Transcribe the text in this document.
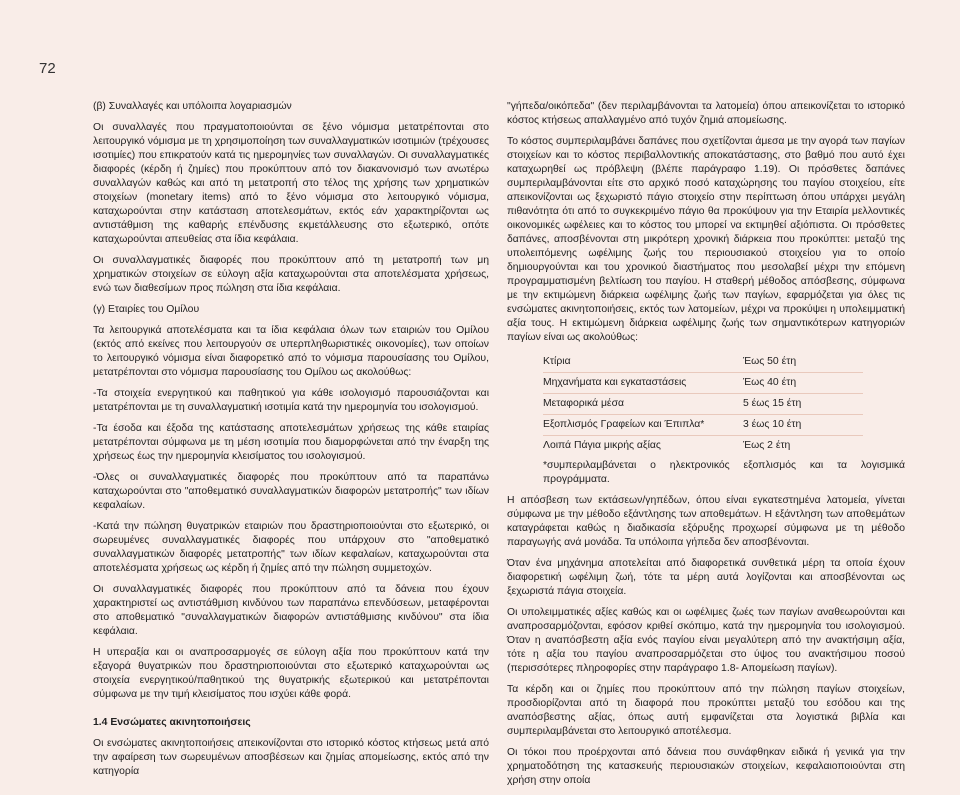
72

(β) Συναλλαγές και υπόλοιπα λογαριασμών

Οι συναλλαγές που πραγματοποιούνται σε ξένο νόμισμα μετατρέπονται στο λειτουργικό νόμισμα με τη χρησιμοποίηση των συναλλαγματικών ισοτιμιών (τρέχουσες ισοτιμίες) που επικρατούν κατά τις ημερομηνίες των συναλλαγών. Οι συναλλαγματικές διαφορές (κέρδη ή ζημίες) που προκύπτουν από τον διακανονισμό των ανωτέρω συναλλαγών καθώς και από τη μετατροπή στο τέλος της χρήσης των χρηματικών στοιχείων (monetary items) από το ξένο νόμισμα στο λειτουργικό νόμισμα, καταχωρούνται στην κατάσταση αποτελεσμάτων, εκτός εάν χαρακτηρίζονται ως αντιστάθμιση της καθαρής επένδυσης εκμετάλλευσης στο εξωτερικό, οπότε καταχωρούνται απευθείας στα ίδια κεφάλαια.

Οι συναλλαγματικές διαφορές που προκύπτουν από τη μετατροπή των μη χρηματικών στοιχείων σε εύλογη αξία καταχωρούνται στα αποτελέσματα χρήσεως, ενώ των διαθεσίμων προς πώληση στα ίδια κεφάλαια.

(γ) Εταιρίες του Ομίλου

Τα λειτουργικά αποτελέσματα και τα ίδια κεφάλαια όλων των εταιριών του Ομίλου (εκτός από εκείνες που λειτουργούν σε υπερπληθωριστικές οικονομίες), των οποίων το λειτουργικό νόμισμα είναι διαφορετικό από το νόμισμα παρουσίασης του Ομίλου, μετατρέπονται στο νόμισμα παρουσίασης του Ομίλου ως ακολούθως:

-Τα στοιχεία ενεργητικού και παθητικού για κάθε ισολογισμό παρουσιάζονται και μετατρέπονται με τη συναλλαγματική ισοτιμία κατά την ημερομηνία του ισολογισμού.

-Τα έσοδα και έξοδα της κατάστασης αποτελεσμάτων χρήσεως της κάθε εταιρίας μετατρέπονται σύμφωνα με τη μέση ισοτιμία που διαμορφώνεται από την έναρξη της χρήσεως έως την ημερομηνία κλεισίματος του ισολογισμού.

-Όλες οι συναλλαγματικές διαφορές που προκύπτουν από τα παραπάνω καταχωρούνται στο "αποθεματικό συναλλαγματικών διαφορών μετατροπής" των ιδίων κεφαλαίων.

-Κατά την πώληση θυγατρικών εταιριών που δραστηριοποιούνται στο εξωτερικό, οι σωρευμένες συναλλαγματικές διαφορές που υπάρχουν στο "αποθεματικό συναλλαγματικών διαφορές μετατροπής" των ιδίων κεφαλαίων, καταχωρούνται στα αποτελέσματα χρήσεως ως κέρδη ή ζημίες από την πώληση συμμετοχών.

Οι συναλλαγματικές διαφορές που προκύπτουν από τα δάνεια που έχουν χαρακτηριστεί ως αντιστάθμιση κινδύνου των παραπάνω επενδύσεων, μεταφέρονται στο αποθεματικό "συναλλαγματικών διαφορών αντιστάθμισης κινδύνου" στα ίδια κεφάλαια.

Η υπεραξία και οι αναπροσαρμογές σε εύλογη αξία που προκύπτουν κατά την εξαγορά θυγατρικών που δραστηριοποιούνται στο εξωτερικό καταχωρούνται ως στοιχεία ενεργητικού/παθητικού της θυγατρικής εξωτερικού και μετατρέπονται σύμφωνα με την τιμή κλεισίματος που ισχύει κάθε φορά.

1.4 Ενσώματες ακινητοποιήσεις

Οι ενσώματες ακινητοποιήσεις απεικονίζονται στο ιστορικό κόστος κτήσεως μετά από την αφαίρεση των σωρευμένων αποσβέσεων και ζημίας απομείωσης, εκτός από την κατηγορία

"γήπεδα/οικόπεδα" (δεν περιλαμβάνονται τα λατομεία) όπου απεικονίζεται το ιστορικό κόστος κτήσεως απαλλαγμένο από τυχόν ζημιά απομείωσης.

Το κόστος συμπεριλαμβάνει δαπάνες που σχετίζονται άμεσα με την αγορά των παγίων στοιχείων και το κόστος περιβαλλοντικής αποκατάστασης, στο βαθμό που αυτό έχει καταχωρηθεί ως πρόβλεψη (βλέπε παράγραφο 1.19). Οι πρόσθετες δαπάνες συμπεριλαμβάνονται είτε στο αρχικό ποσό καταχώρησης του παγίου στοιχείου, είτε απεικονίζονται ως ξεχωριστό πάγιο στοιχείο στην περίπτωση όπου υπάρχει μεγάλη πιθανότητα ότι από το συγκεκριμένο πάγιο θα προκύψουν για την Εταιρία μελλοντικές οικονομικές ωφέλειες και το κόστος του μπορεί να εκτιμηθεί αξιόπιστα. Οι πρόσθετες δαπάνες, αποσβένονται στη μικρότερη χρονική διάρκεια που προκύπτει: μεταξύ της υπολειπόμενης ωφέλιμης ζωής του περιουσιακού στοιχείου για το οποίο δημιουργούνται και του χρονικού διαστήματος που μεσολαβεί μέχρι την επόμενη προγραμματισμένη βελτίωση του παγίου. Η σταθερή μέθοδος απόσβεσης, σύμφωνα με την εκτιμώμενη διάρκεια ωφέλιμης ζωής των παγίων, εφαρμόζεται για όλες τις ενσώματες ακινητοποιήσεις, εκτός των λατομείων, μέχρι να προκύψει η υπολειμματική αξία τους. Η εκτιμώμενη διάρκεια ωφέλιμης ζωής των σημαντικότερων κατηγοριών παγίων είναι ως ακολούθως:

Κτίρια	Έως 50 έτη
Μηχανήματα και εγκαταστάσεις	Έως 40 έτη
Μεταφορικά μέσα	5 έως 15 έτη
Εξοπλισμός Γραφείων και Έπιπλα*	3 έως 10 έτη
Λοιπά Πάγια μικρής αξίας	Έως 2 έτη

*συμπεριλαμβάνεται ο ηλεκτρονικός εξοπλισμός και τα λογισμικά προγράμματα.

Η απόσβεση των εκτάσεων/γηπέδων, όπου είναι εγκατεστημένα λατομεία, γίνεται σύμφωνα με την μέθοδο εξάντλησης των αποθεμάτων. Η εξάντληση των αποθεμάτων καταγράφεται καθώς η διαδικασία εξόρυξης προχωρεί σύμφωνα με τη μέθοδο παραγωγής ανά μονάδα. Τα υπόλοιπα γήπεδα δεν αποσβένονται.

Όταν ένα μηχάνημα αποτελείται από διαφορετικά συνθετικά μέρη τα οποία έχουν διαφορετική ωφέλιμη ζωή, τότε τα μέρη αυτά λογίζονται και αποσβένονται ως ξεχωριστά πάγια στοιχεία.

Οι υπολειμματικές αξίες καθώς και οι ωφέλιμες ζωές των παγίων αναθεωρούνται και αναπροσαρμόζονται, εφόσον κριθεί σκόπιμο, κατά την ημερομηνία του ισολογισμού. Όταν η αναπόσβεστη αξία ενός παγίου είναι μεγαλύτερη από την ανακτήσιμη αξία, τότε η αξία του παγίου αναπροσαρμόζεται στο ύψος του ανακτήσιμου ποσού (περισσότερες πληροφορίες στην παράγραφο 1.8- Απομείωση παγίων).

Τα κέρδη και οι ζημίες που προκύπτουν από την πώληση παγίων στοιχείων, προσδιορίζονται από τη διαφορά που προκύπτει μεταξύ του εσόδου και της αναπόσβεστης αξίας, όπως αυτή εμφανίζεται στα λογιστικά βιβλία και συμπεριλαμβάνεται στο λειτουργικό αποτέλεσμα.

Οι τόκοι που προέρχονται από δάνεια που συνάφθηκαν ειδικά ή γενικά για την χρηματοδότηση της κατασκευής περιουσιακών στοιχείων, κεφαλαιοποιούνται στη χρήση στην οποία
